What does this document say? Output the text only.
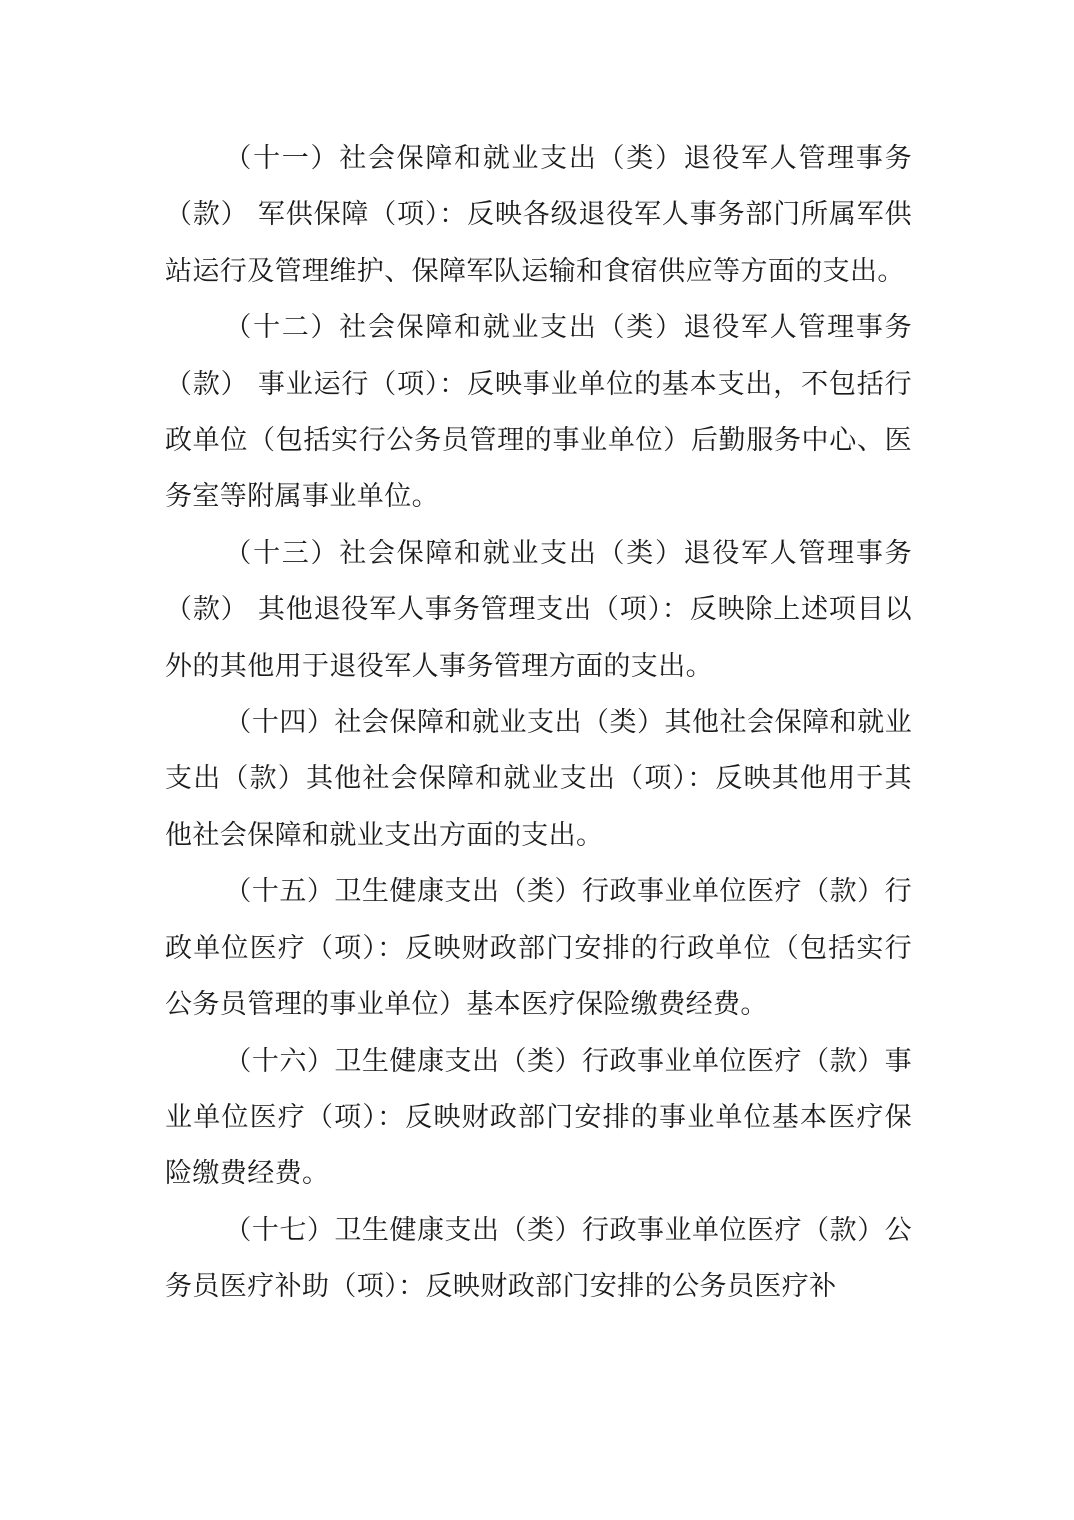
（十一）社会保障和就业支出（类）退役军人管理事务（款） 军供保障（项）：反映各级退役军人事务部门所属军供站运行及管理维护、保障军队运输和食宿供应等方面的支出。

（十二）社会保障和就业支出（类）退役军人管理事务（款） 事业运行（项）：反映事业单位的基本支出，不包括行政单位（包括实行公务员管理的事业单位）后勤服务中心、医务室等附属事业单位。

（十三）社会保障和就业支出（类）退役军人管理事务（款） 其他退役军人事务管理支出（项）：反映除上述项目以外的其他用于退役军人事务管理方面的支出。

（十四）社会保障和就业支出（类）其他社会保障和就业支出（款）其他社会保障和就业支出（项）：反映其他用于其他社会保障和就业支出方面的支出。

（十五）卫生健康支出（类）行政事业单位医疗（款）行政单位医疗（项）：反映财政部门安排的行政单位（包括实行公务员管理的事业单位）基本医疗保险缴费经费。

（十六）卫生健康支出（类）行政事业单位医疗（款）事业单位医疗（项）：反映财政部门安排的事业单位基本医疗保险缴费经费。

（十七）卫生健康支出（类）行政事业单位医疗（款）公务员医疗补助（项）：反映财政部门安排的公务员医疗补
